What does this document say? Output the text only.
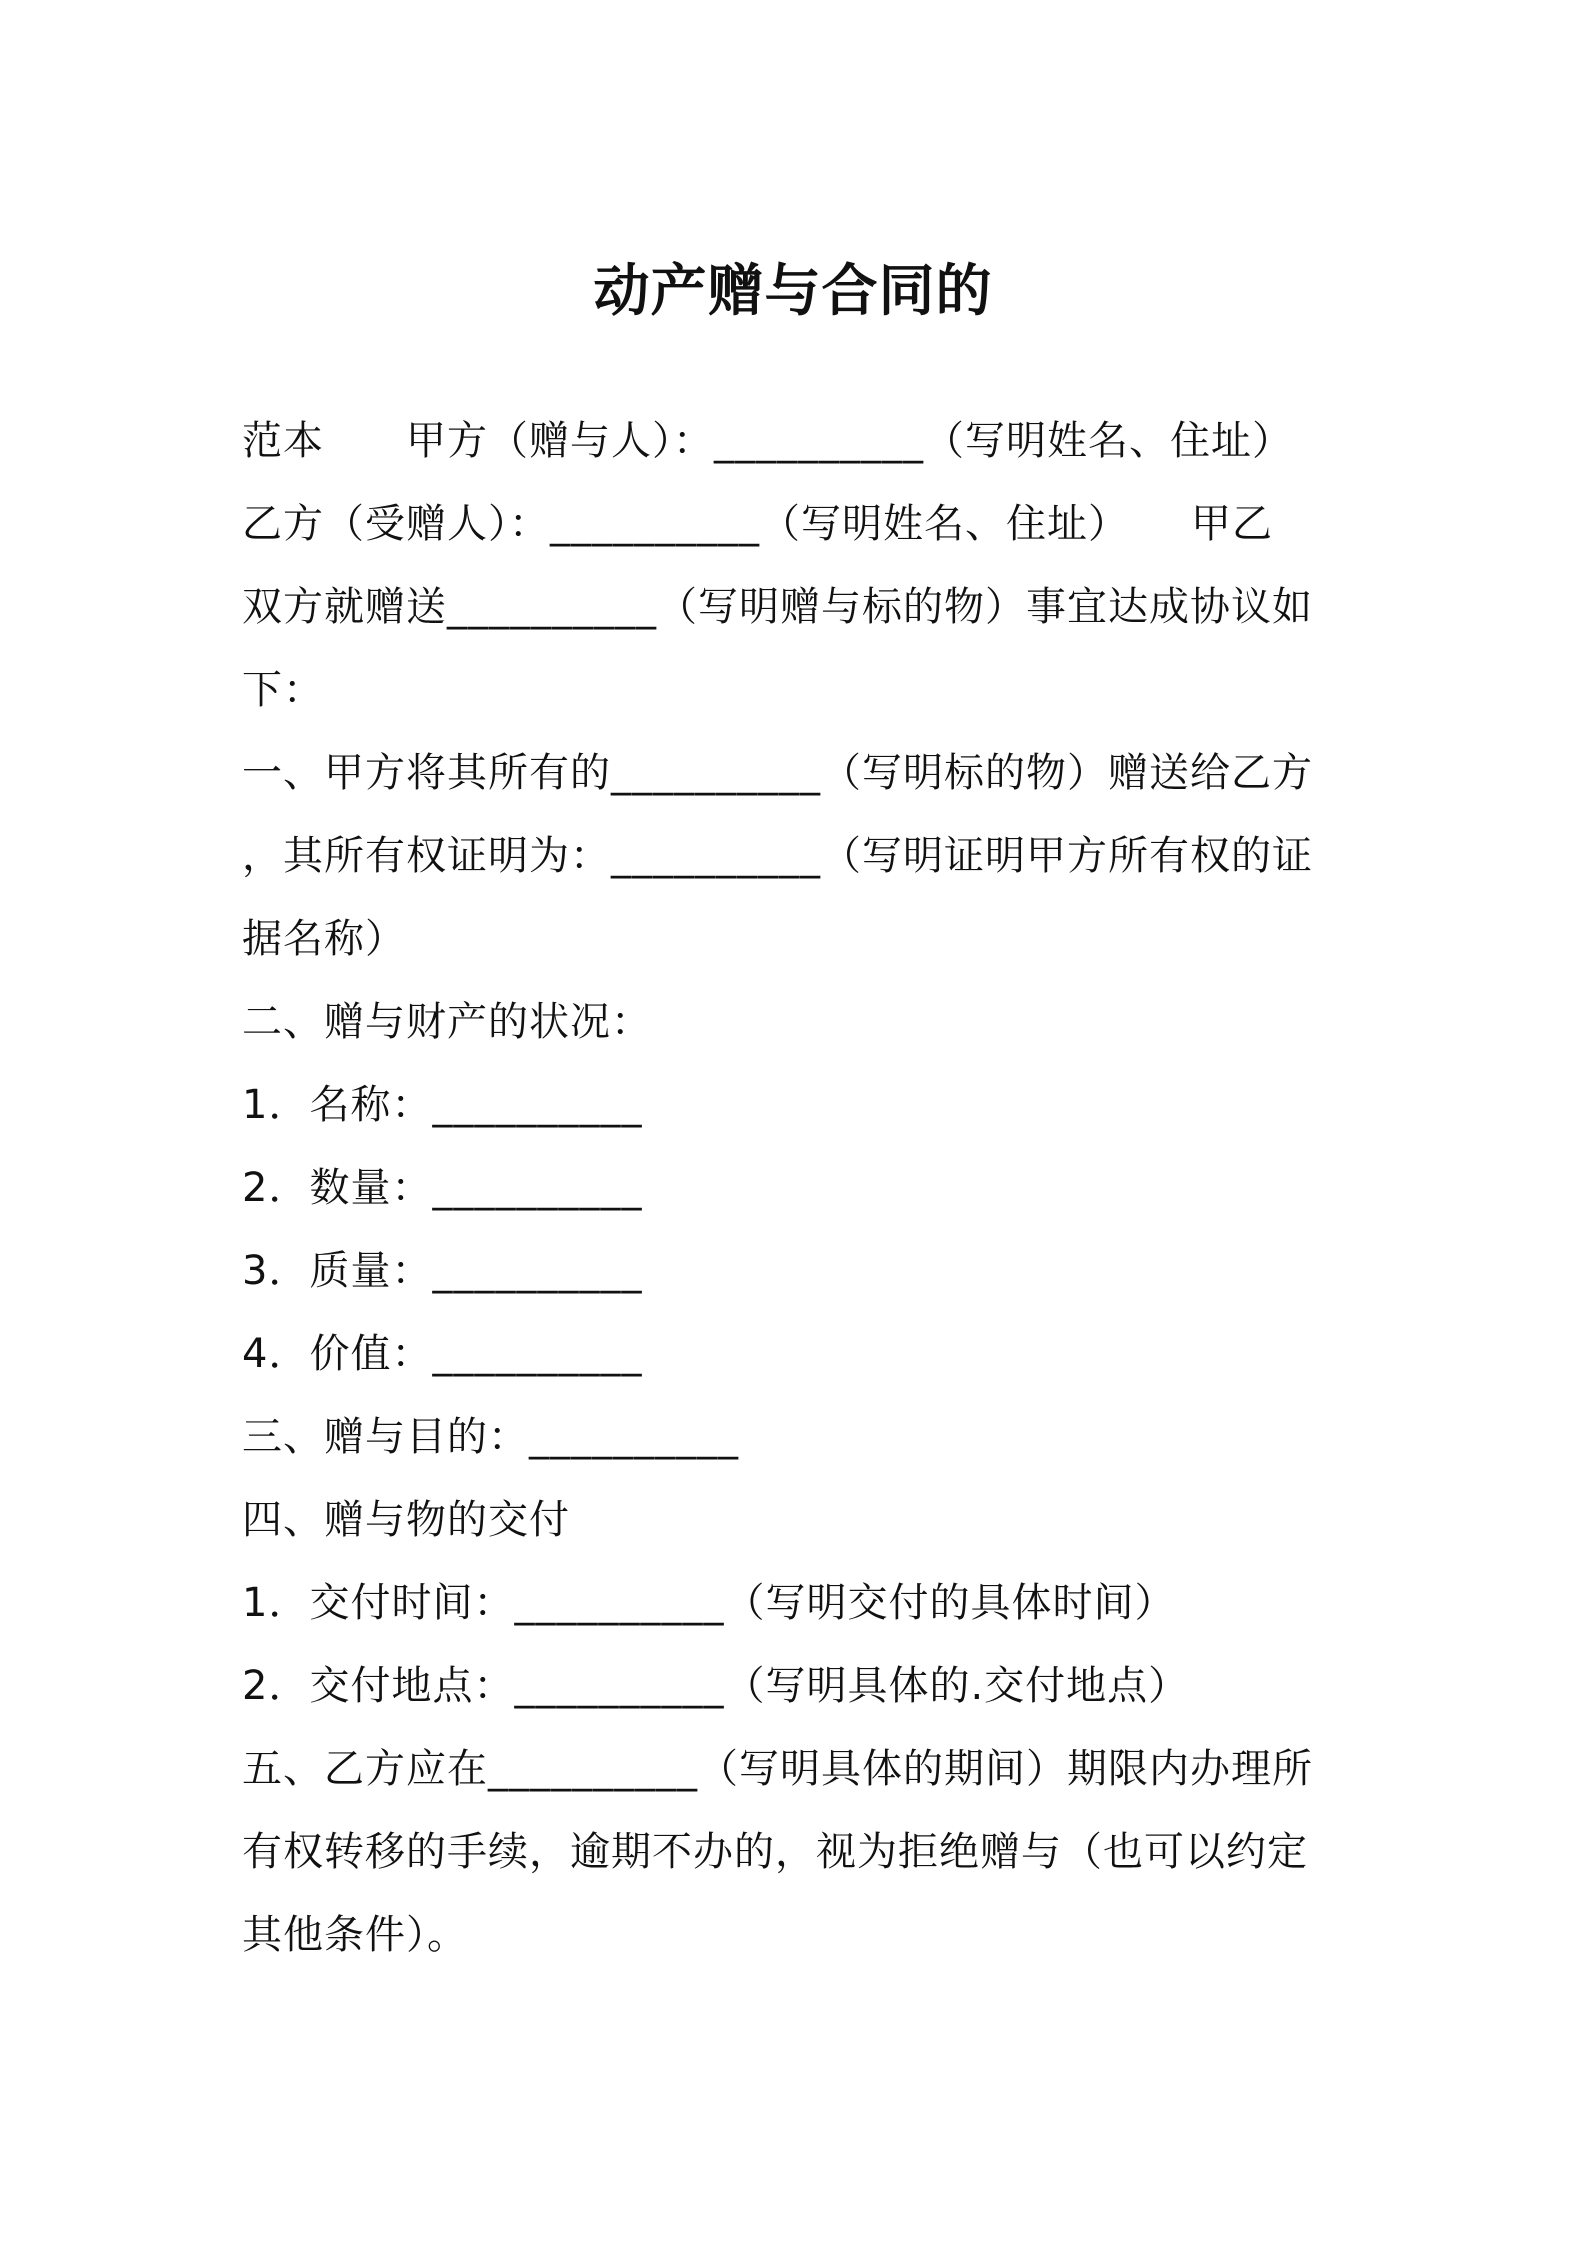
动产赠与合同的
范本　　甲方（赠与人）：__________（写明姓名、住址）
乙方（受赠人）：__________（写明姓名、住址）　　甲乙
双方就赠送__________（写明赠与标的物）事宜达成协议如
下：
一、甲方将其所有的__________（写明标的物）赠送给乙方
，其所有权证明为：__________（写明证明甲方所有权的证
据名称）
二、赠与财产的状况：
1．名称：__________
2．数量：__________
3．质量：__________
4．价值：__________
三、赠与目的：__________
四、赠与物的交付
1．交付时间：__________（写明交付的具体时间）
2．交付地点：__________（写明具体的.交付地点）
五、乙方应在__________（写明具体的期间）期限内办理所
有权转移的手续，逾期不办的，视为拒绝赠与（也可以约定
其他条件）。
